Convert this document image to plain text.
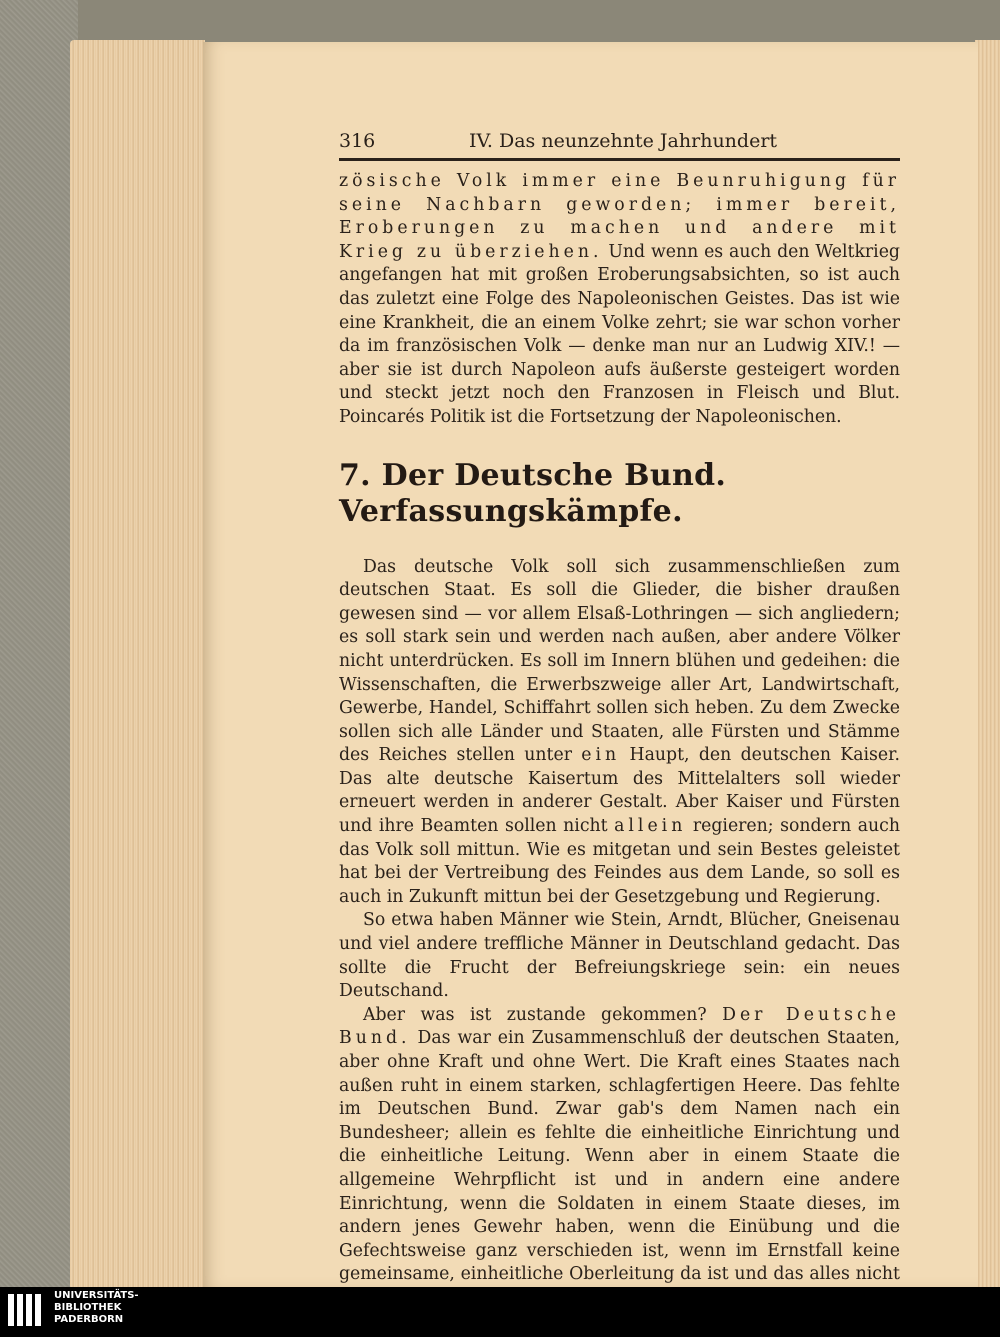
316	IV. Das neunzehnte Jahrhundert

zösische Volk immer eine Beunruhigung für seine Nachbarn geworden; immer bereit, Eroberungen zu machen und andere mit Krieg zu überziehen. Und wenn es auch den Weltkrieg angefangen hat mit großen Eroberungsabsichten, so ist auch das zuletzt eine Folge des Napoleonischen Geistes. Das ist wie eine Krankheit, die an einem Volke zehrt; sie war schon vorher da im französischen Volk — denke man nur an Ludwig XIV.! — aber sie ist durch Napoleon aufs äußerste gesteigert worden und steckt jetzt noch den Franzosen in Fleisch und Blut. Poincarés Politik ist die Fortsetzung der Napoleonischen.

7. Der Deutsche Bund. Verfassungskämpfe.

Das deutsche Volk soll sich zusammenschließen zum deutschen Staat. Es soll die Glieder, die bisher draußen gewesen sind — vor allem Elsaß-Lothringen — sich angliedern; es soll stark sein und werden nach außen, aber andere Völker nicht unterdrücken. Es soll im Innern blühen und gedeihen: die Wissenschaften, die Erwerbszweige aller Art, Landwirtschaft, Gewerbe, Handel, Schiffahrt sollen sich heben. Zu dem Zwecke sollen sich alle Länder und Staaten, alle Fürsten und Stämme des Reiches stellen unter ein Haupt, den deutschen Kaiser. Das alte deutsche Kaisertum des Mittelalters soll wieder erneuert werden in anderer Gestalt. Aber Kaiser und Fürsten und ihre Beamten sollen nicht allein regieren; sondern auch das Volk soll mittun. Wie es mitgetan und sein Bestes geleistet hat bei der Vertreibung des Feindes aus dem Lande, so soll es auch in Zukunft mittun bei der Gesetzgebung und Regierung.

So etwa haben Männer wie Stein, Arndt, Blücher, Gneisenau und viel andere treffliche Männer in Deutschland gedacht. Das sollte die Frucht der Befreiungskriege sein: ein neues Deutschand.

Aber was ist zustande gekommen? Der Deutsche Bund. Das war ein Zusammenschluß der deutschen Staaten, aber ohne Kraft und ohne Wert. Die Kraft eines Staates nach außen ruht in einem starken, schlagfertigen Heere. Das fehlte im Deutschen Bund. Zwar gab's dem Namen nach ein Bundesheer; allein es fehlte die einheitliche Einrichtung und die einheitliche Leitung. Wenn aber in einem Staate die allgemeine Wehrpflicht ist und in andern eine andere Einrichtung, wenn die Soldaten in einem Staate dieses, im andern jenes Gewehr haben, wenn die Einübung und die Gefechtsweise ganz verschieden ist, wenn im Ernstfall keine gemeinsame, einheitliche Oberleitung da ist und das alles nicht

UNIVERSITÄTS-
BIBLIOTHEK
PADERBORN
